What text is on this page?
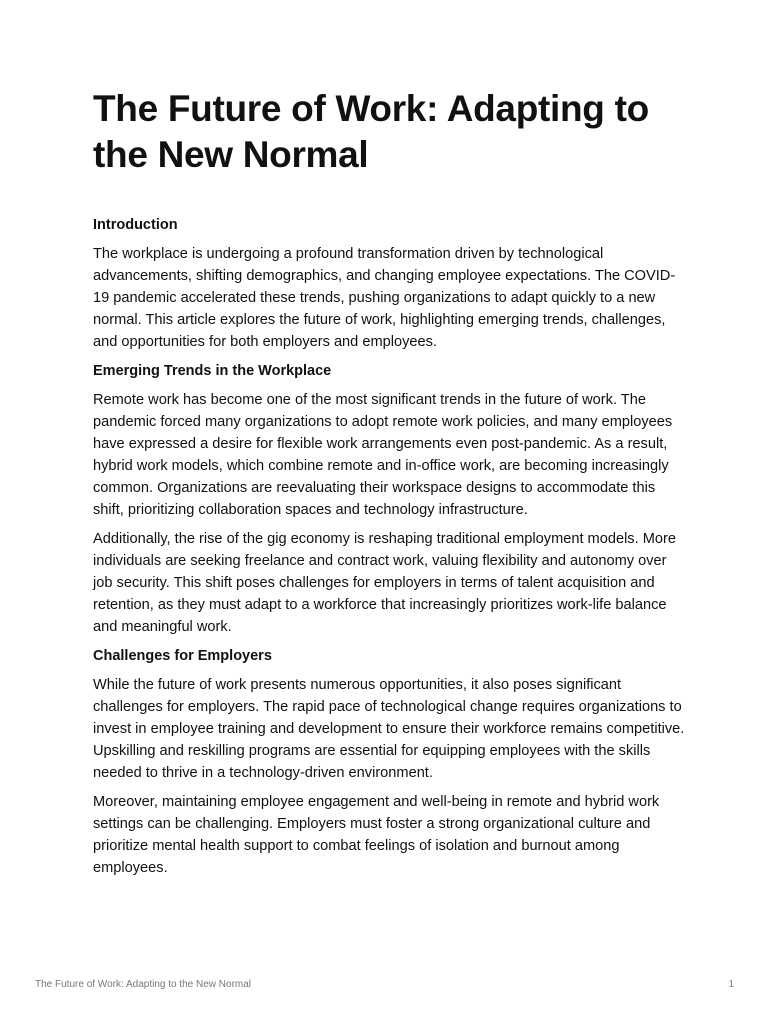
The Future of Work: Adapting to the New Normal
Introduction

The workplace is undergoing a profound transformation driven by technological advancements, shifting demographics, and changing employee expectations. The COVID-19 pandemic accelerated these trends, pushing organizations to adapt quickly to a new normal. This article explores the future of work, highlighting emerging trends, challenges, and opportunities for both employers and employees.

Emerging Trends in the Workplace

Remote work has become one of the most significant trends in the future of work. The pandemic forced many organizations to adopt remote work policies, and many employees have expressed a desire for flexible work arrangements even post-pandemic. As a result, hybrid work models, which combine remote and in-office work, are becoming increasingly common. Organizations are reevaluating their workspace designs to accommodate this shift, prioritizing collaboration spaces and technology infrastructure.

Additionally, the rise of the gig economy is reshaping traditional employment models. More individuals are seeking freelance and contract work, valuing flexibility and autonomy over job security. This shift poses challenges for employers in terms of talent acquisition and retention, as they must adapt to a workforce that increasingly prioritizes work-life balance and meaningful work.

Challenges for Employers

While the future of work presents numerous opportunities, it also poses significant challenges for employers. The rapid pace of technological change requires organizations to invest in employee training and development to ensure their workforce remains competitive. Upskilling and reskilling programs are essential for equipping employees with the skills needed to thrive in a technology-driven environment.

Moreover, maintaining employee engagement and well-being in remote and hybrid work settings can be challenging. Employers must foster a strong organizational culture and prioritize mental health support to combat feelings of isolation and burnout among employees.

The Future of Work: Adapting to the New Normal	1
